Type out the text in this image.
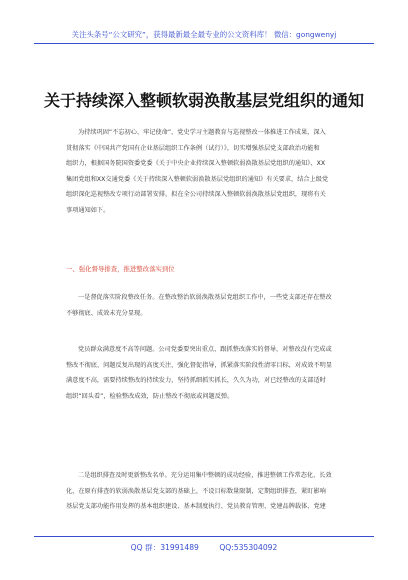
关注头条号“公文研究”，获得最新最全最专业的公文资料库！ 微信：gongwenyj
关于持续深入整顿软弱涣散基层党组织的通知
为持续巩固“不忘初心、牢记使命”、党史学习主题教育与巡视整改一体推进工作成果，深入
贯彻落实《中国共产党国有企业基层组织工作条例（试行）》，切实增强基层党支部政治功能和
组织力，根据国务院国资委党委《关于中央企业持续深入整顿软弱涣散基层党组织的通知》、XX
集团党组和XX交通党委《关于持续深入整顿软弱涣散基层党组织的通知》有关要求，结合上级党
组织深化巡视整改专项行动部署安排，拟在全公司持续深入整顿软弱涣散基层党组织，现将有关
事项通知如下。
一、强化督导排查，推进整改落实到位
一是督促落实阶段整改任务。在整改整治软弱涣散基层党组织工作中，一些党支部还存在整改
不够彻底、成效未充分显现。
党员群众满意度不高等问题。公司党委要突出重点，跟抓整改落实的督导，对整改没有完成或
整改不彻底、问题反复出现的高度关注，强化督促指导，抓紧落实阶段性清零目标，对成效不明显
满意度不高，需要持续整改的持续发力，坚持抓细抓实抓长，久久为功，对已经整改的支部适时
组织“回头看”，检验整改成效，防止整改不彻底或问题反弹。
二是组织排查及时更新整改名单。充分运用集中整顿的成功经验，推进整顿工作常态化、长效
化，在原有排查的软弱涣散基层党支部的基础上，不设目标数量限制，定期组织排查，紧盯影响
基层党支部功能作用发挥的基本组织建设、基本制度执行、党员教育管理、党建品牌载体、党建
QQ 群：31991489	QQ:535304092
